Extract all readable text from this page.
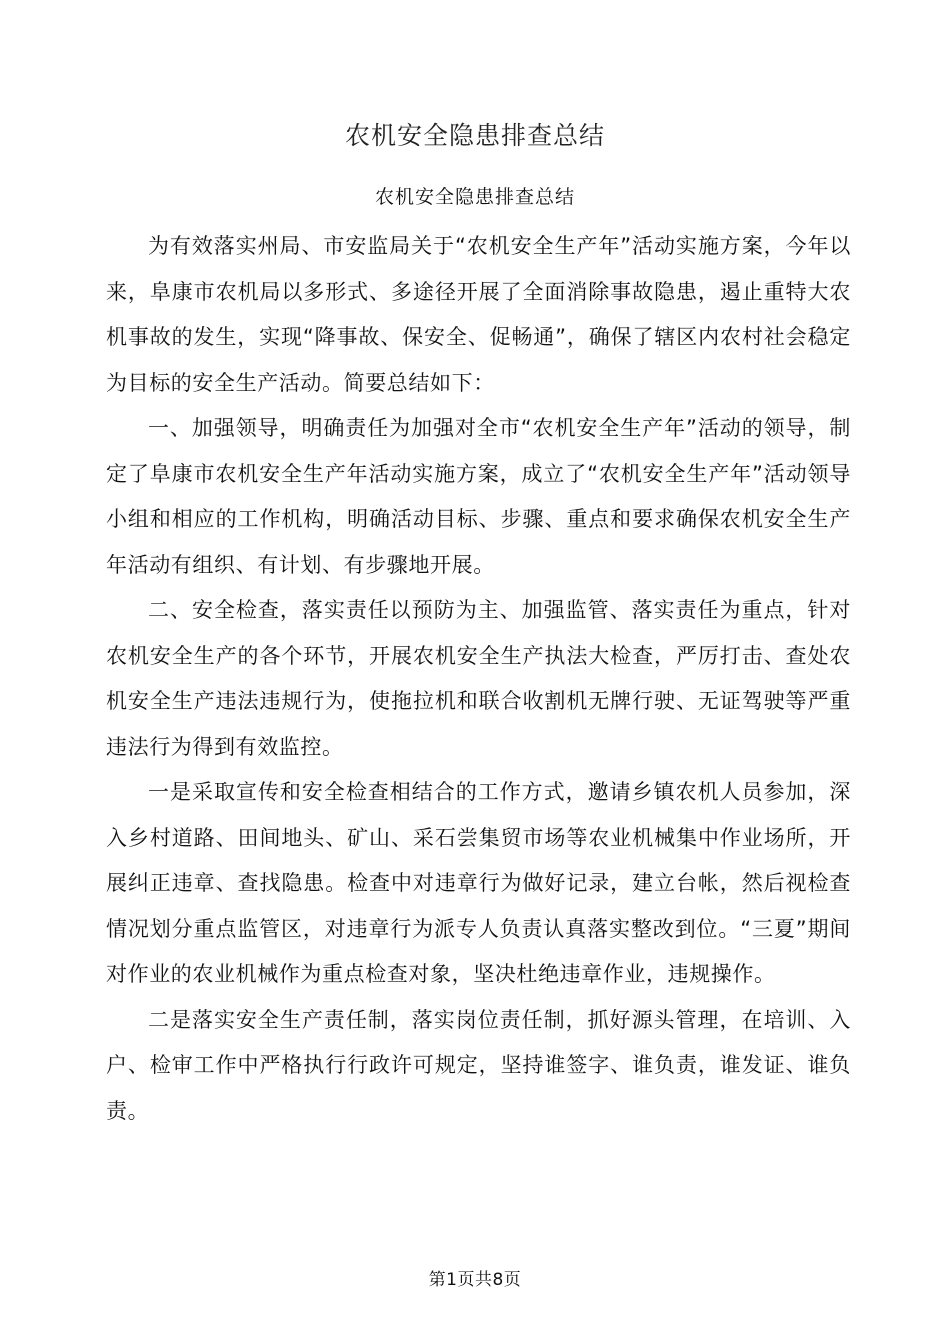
农机安全隐患排查总结
农机安全隐患排查总结

为有效落实州局、市安监局关于“农机安全生产年”活动实施方案，今年以来，阜康市农机局以多形式、多途径开展了全面消除事故隐患，遏止重特大农机事故的发生，实现“降事故、保安全、促畅通”，确保了辖区内农村社会稳定为目标的安全生产活动。简要总结如下：

一、加强领导，明确责任为加强对全市“农机安全生产年”活动的领导，制定了阜康市农机安全生产年活动实施方案，成立了“农机安全生产年”活动领导小组和相应的工作机构，明确活动目标、步骤、重点和要求确保农机安全生产年活动有组织、有计划、有步骤地开展。

二、安全检查，落实责任以预防为主、加强监管、落实责任为重点，针对农机安全生产的各个环节，开展农机安全生产执法大检查，严厉打击、查处农机安全生产违法违规行为，使拖拉机和联合收割机无牌行驶、无证驾驶等严重违法行为得到有效监控。

一是采取宣传和安全检查相结合的工作方式，邀请乡镇农机人员参加，深入乡村道路、田间地头、矿山、采石尝集贸市场等农业机械集中作业场所，开展纠正违章、查找隐患。检查中对违章行为做好记录，建立台帐，然后视检查情况划分重点监管区，对违章行为派专人负责认真落实整改到位。“三夏”期间对作业的农业机械作为重点检查对象，坚决杜绝违章作业，违规操作。

二是落实安全生产责任制，落实岗位责任制，抓好源头管理，在培训、入户、检审工作中严格执行行政许可规定，坚持谁签字、谁负责，谁发证、谁负责。

第1页共8页
